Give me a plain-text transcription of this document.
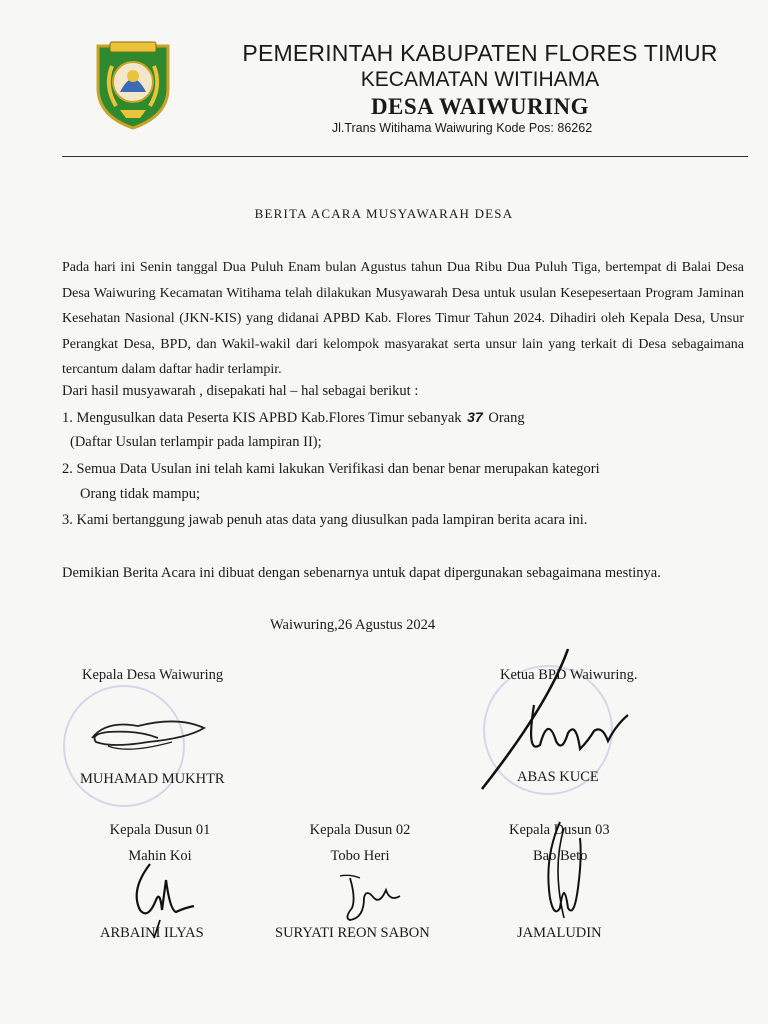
PEMERINTAH KABUPATEN FLORES TIMUR
KECAMATAN WITIHAMA
DESA WAIWURING
Jl.Trans Witihama Waiwuring Kode Pos: 86262
BERITA ACARA MUSYAWARAH DESA
Pada hari ini Senin tanggal Dua Puluh Enam bulan Agustus tahun Dua Ribu Dua Puluh Tiga, bertempat di Balai Desa Desa Waiwuring Kecamatan Witihama telah dilakukan Musyawarah Desa untuk usulan Kesepesertaan Program Jaminan Kesehatan Nasional (JKN-KIS) yang didanai APBD Kab. Flores Timur Tahun 2024. Dihadiri oleh Kepala Desa, Unsur Perangkat Desa, BPD, dan Wakil-wakil dari kelompok masyarakat serta unsur lain yang terkait di Desa sebagaimana tercantum dalam daftar hadir terlampir.
Dari hasil musyawarah , disepakati hal – hal sebagai berikut :
1. Mengusulkan data Peserta KIS APBD Kab.Flores Timur sebanyak 37 Orang
(Daftar Usulan terlampir pada lampiran II);
2. Semua Data Usulan ini telah kami lakukan Verifikasi dan benar benar merupakan kategori
Orang tidak mampu;
3. Kami bertanggung jawab penuh atas data yang diusulkan pada lampiran berita acara ini.
Demikian Berita Acara ini dibuat dengan sebenarnya untuk dapat dipergunakan sebagaimana mestinya.
Waiwuring,26 Agustus 2024
Kepala Desa Waiwuring
MUHAMAD MUKHTR
Ketua BPD Waiwuring.
ABAS KUCE
Kepala Dusun 01
Mahin Koi
ARBAINI ILYAS
Kepala Dusun 02
Tobo Heri
SURYATI REON SABON
Kepala Dusun 03
Bao Beto
JAMALUDIN
